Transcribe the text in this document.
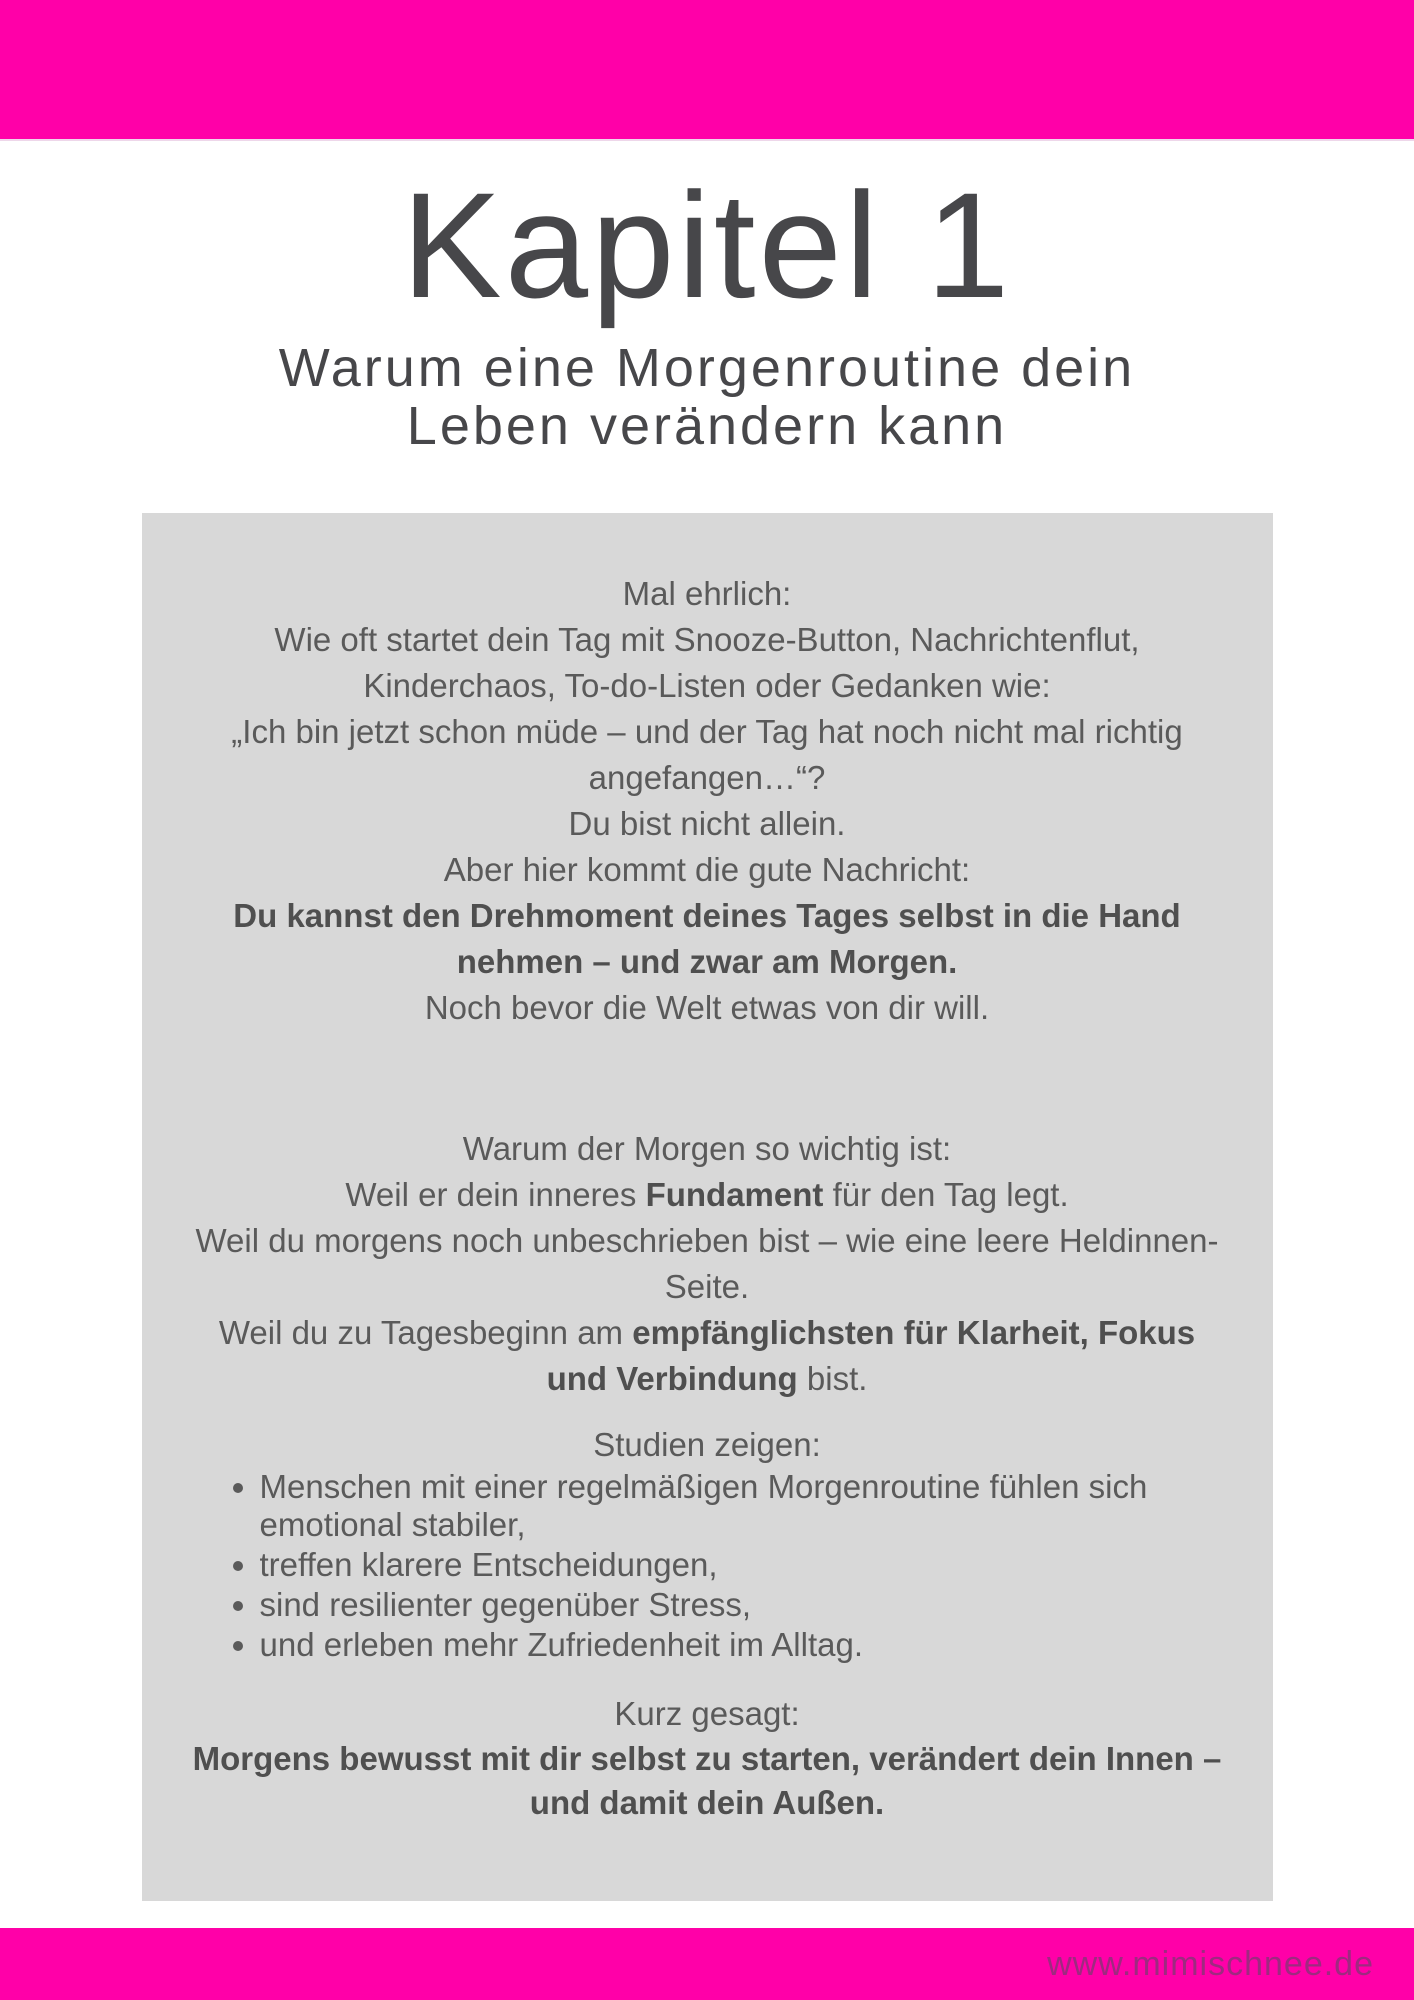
Kapitel 1
Warum eine Morgenroutine dein
Leben verändern kann
Mal ehrlich:
Wie oft startet dein Tag mit Snooze-Button, Nachrichtenflut,
Kinderchaos, To-do-Listen oder Gedanken wie:
„Ich bin jetzt schon müde – und der Tag hat noch nicht mal richtig
angefangen…“?
Du bist nicht allein.
Aber hier kommt die gute Nachricht:
Du kannst den Drehmoment deines Tages selbst in die Hand
nehmen – und zwar am Morgen.
Noch bevor die Welt etwas von dir will.
Warum der Morgen so wichtig ist:
Weil er dein inneres Fundament für den Tag legt.
Weil du morgens noch unbeschrieben bist – wie eine leere Heldinnen-
Seite.
Weil du zu Tagesbeginn am empfänglichsten für Klarheit, Fokus
und Verbindung bist.
Studien zeigen:
• Menschen mit einer regelmäßigen Morgenroutine fühlen sich emotional stabiler,
• treffen klarere Entscheidungen,
• sind resilienter gegenüber Stress,
• und erleben mehr Zufriedenheit im Alltag.
Kurz gesagt:
Morgens bewusst mit dir selbst zu starten, verändert dein Innen –
und damit dein Außen.
www.mimischnee.de
